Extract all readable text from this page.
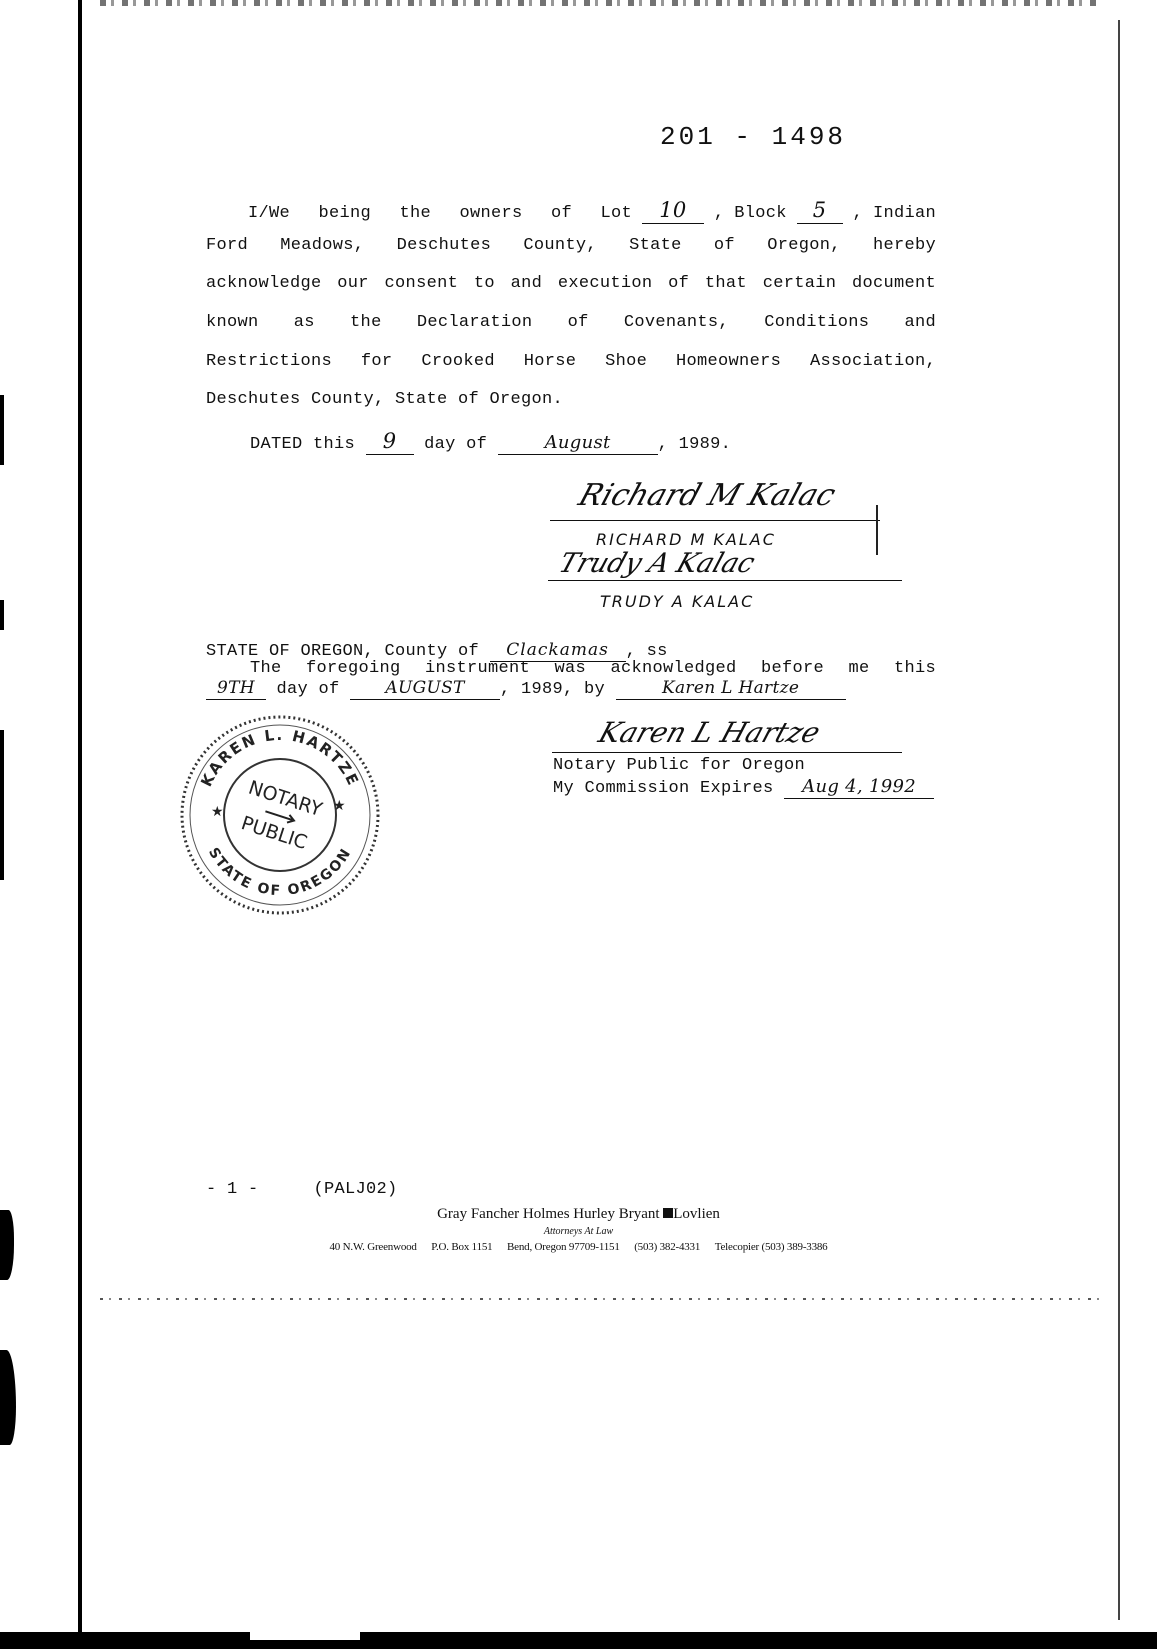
201 - 1498
I/We being the owners of Lot	10	, Block	5	, Indian
Ford Meadows, Deschutes County, State of Oregon, hereby
acknowledge our consent to and execution of that certain document
known as the Declaration of Covenants, Conditions and
Restrictions for Crooked Horse Shoe Homeowners Association,
Deschutes County, State of Oregon.
DATED this 9 day of	August	, 1989.
Richard M Kalac
RICHARD M KALAC
Trudy A Kalac
TRUDY A KALAC
STATE OF OREGON, County of Clackamas , ss
The foregoing instrument was acknowledged before me this
9TH day of	AUGUST , 1989, by	Karen L Hartze
Karen L Hartze
Notary Public for Oregon
My Commission Expires Aug 4, 1992
KAREN L. HARTZE
STATE OF OREGON
NOTARY
PUBLIC
★	★
- 1 -	(PALJ02)
Gray Fancher Holmes Hurley Bryant Lovlien
Attorneys At Law
40 N.W. Greenwood P.O. Box 1151 Bend, Oregon 97709-1151 (503) 382-4331 Telecopier (503) 389-3386
